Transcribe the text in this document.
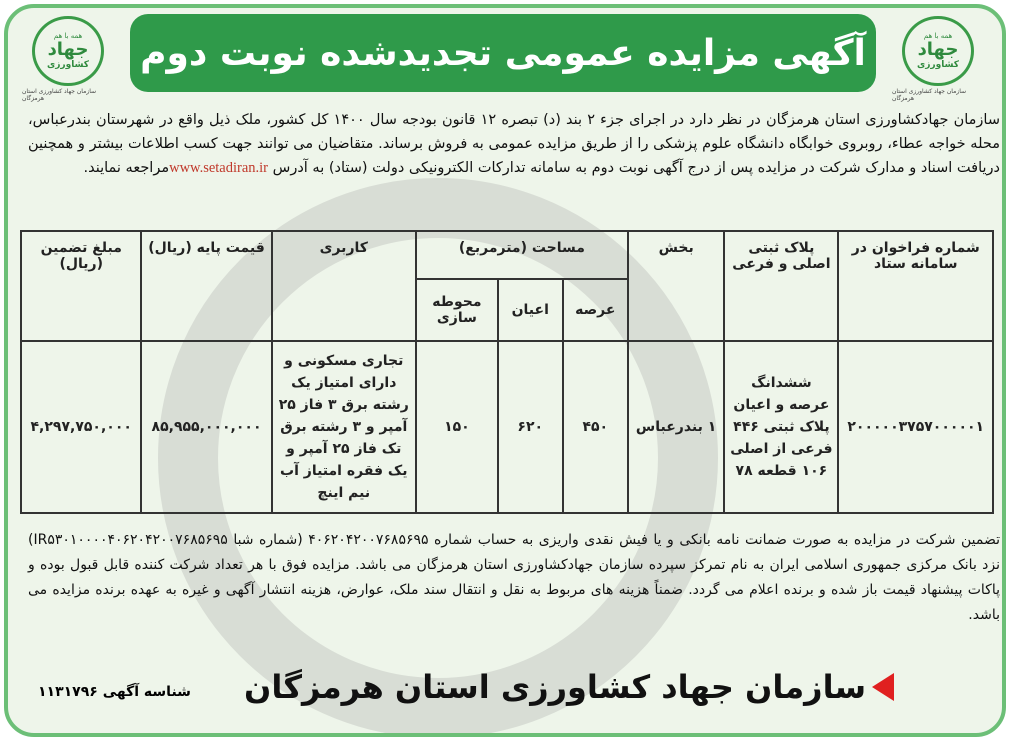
همه با هم
جهاد
کشاورزی
سازمان جهاد کشاورزی استان هرمزگان
آگهی مزایده عمومی تجدیدشده نوبت دوم	همه با هم
جهاد
کشاورزی
سازمان جهاد کشاورزی استان هرمزگان
سازمان جهادکشاورزی استان هرمزگان در نظر دارد در اجرای جزء ۲ بند (د) تبصره ۱۲ قانون بودجه سال ۱۴۰۰ کل کشور، ملک ذیل واقع در شهرستان بندرعباس، محله خواجه عطاء، روبروی خوابگاه دانشگاه علوم پزشکی را از طریق مزایده عمومی به فروش برساند. متقاضیان می توانند جهت کسب اطلاعات بیشتر و همچنین دریافت اسناد و مدارک شرکت در مزایده پس از درج آگهی نوبت دوم به سامانه تدارکات الکترونیکی دولت (ستاد) به آدرس www.setadiran.irمراجعه نمایند.
شماره فراخوان در سامانه ستاد	پلاک ثبتی اصلی و فرعی	بخش	مساحت (مترمربع)			کاربری	قیمت پایه (ریال)	مبلغ تضمین (ریال)
			عرصه	اعیان	محوطه سازی			
۲۰۰۰۰۰۳۷۵۷۰۰۰۰۰۱	ششدانگ عرصه و اعیان پلاک ثبتی ۴۴۶ فرعی از اصلی ۱۰۶ قطعه ۷۸	۱ بندرعباس	۴۵۰	۶۲۰	۱۵۰	تجاری مسکونی و دارای امتیاز یک رشته برق ۳ فاز ۲۵ آمپر و ۳ رشته برق تک فاز ۲۵ آمپر و یک فقره امتیاز آب نیم اینچ	۸۵,۹۵۵,۰۰۰,۰۰۰	۴,۲۹۷,۷۵۰,۰۰۰
تضمین شرکت در مزایده به صورت ضمانت نامه بانکی و یا فیش نقدی واریزی به حساب شماره ۴۰۶۲۰۴۲۰۰۷۶۸۵۶۹۵ (شماره شبا IR۵۳۰۱۰۰۰۰۴۰۶۲۰۴۲۰۰۷۶۸۵۶۹۵) نزد بانک مرکزی جمهوری اسلامی ایران به نام تمرکز سپرده سازمان جهادکشاورزی استان هرمزگان می باشد. مزایده فوق با هر تعداد شرکت کننده قابل قبول بوده و پاکات پیشنهاد قیمت باز شده و برنده اعلام می گردد. ضمناً هزینه های مربوط به نقل و انتقال سند ملک، عوارض، هزینه انتشار آگهی و غیره به عهده برنده مزایده می باشد.
سازمان جهاد کشاورزی استان هرمزگان
شناسه آگهی ۱۱۳۱۷۹۶
